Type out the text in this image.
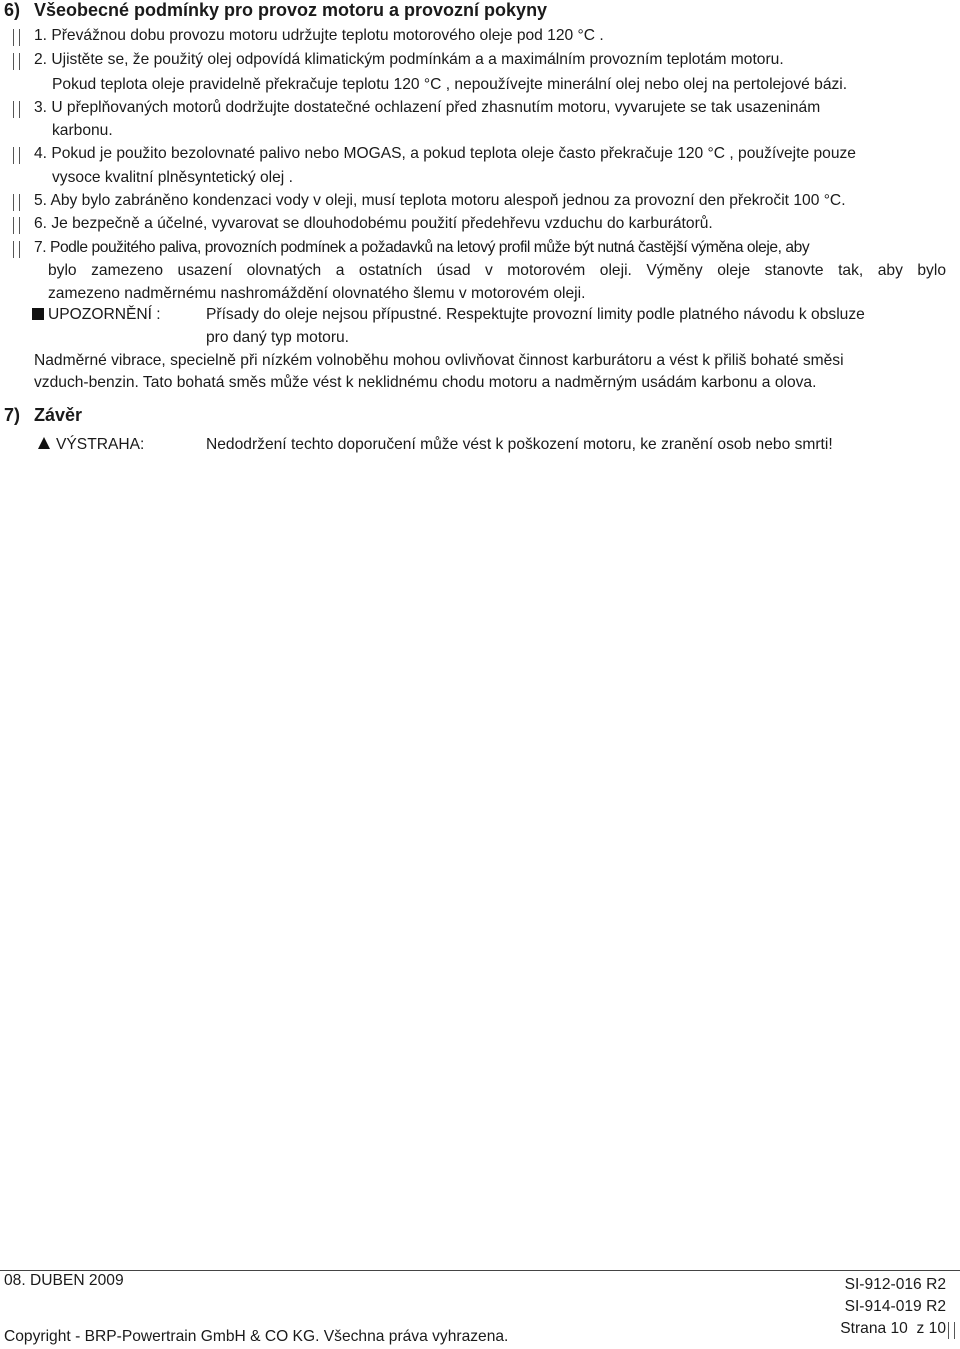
6) Všeobecné podmínky pro provoz motoru a provozní pokyny
1. Převážnou dobu provozu motoru udržujte teplotu motorového oleje pod 120 °C .
2. Ujistěte se, že použitý olej odpovídá klimatickým podmínkám a a maximálním provozním teplotám motoru.
Pokud teplota oleje pravidelně překračuje teplotu 120 °C , nepoužívejte minerální olej nebo olej na pertolejové bázi.
3. U přeplňovaných motorů dodržujte dostatečné ochlazení před zhasnutím motoru, vyvarujete se tak usazeninám
karbonu.
4. Pokud je použito bezolovnaté palivo nebo MOGAS, a pokud teplota oleje často překračuje 120 °C , používejte pouze
vysoce kvalitní plněsyntetický olej .
5. Aby bylo zabráněno kondenzaci vody v oleji, musí teplota motoru alespoň jednou za provozní den překročit 100 °C.
6. Je bezpečně a účelné, vyvarovat se dlouhodobému použití předehřevu vzduchu do karburátorů.
7. Podle použitého paliva, provozních podmínek a požadavků na letový profil může být nutná častější výměna oleje, aby
bylo zamezeno usazení olovnatých a ostatních úsad v motorovém oleji. Výměny oleje stanovte tak, aby bylo
zamezeno nadměrnému nashromáždění olovnatého šlemu v motorovém oleji.
UPOZORNĚNÍ :	Přísady do oleje nejsou přípustné. Respektujte provozní limity podle platného návodu k obsluze
pro daný typ motoru.
Nadměrné vibrace, specielně při nízkém volnoběhu mohou ovlivňovat činnost karburátoru a vést k přiliš bohaté směsi
vzduch-benzin. Tato bohatá směs může vést k neklidnému chodu motoru a nadměrným usádám karbonu a olova.
7) Závěr
VÝSTRAHA:	Nedodržení techto doporučení může vést k poškození motoru, ke zranění osob nebo smrti!
08. DUBEN 2009	SI-912-016 R2
SI-914-019 R2
Strana 10  z 10
Copyright - BRP-Powertrain GmbH & CO KG. Všechna práva vyhrazena.
